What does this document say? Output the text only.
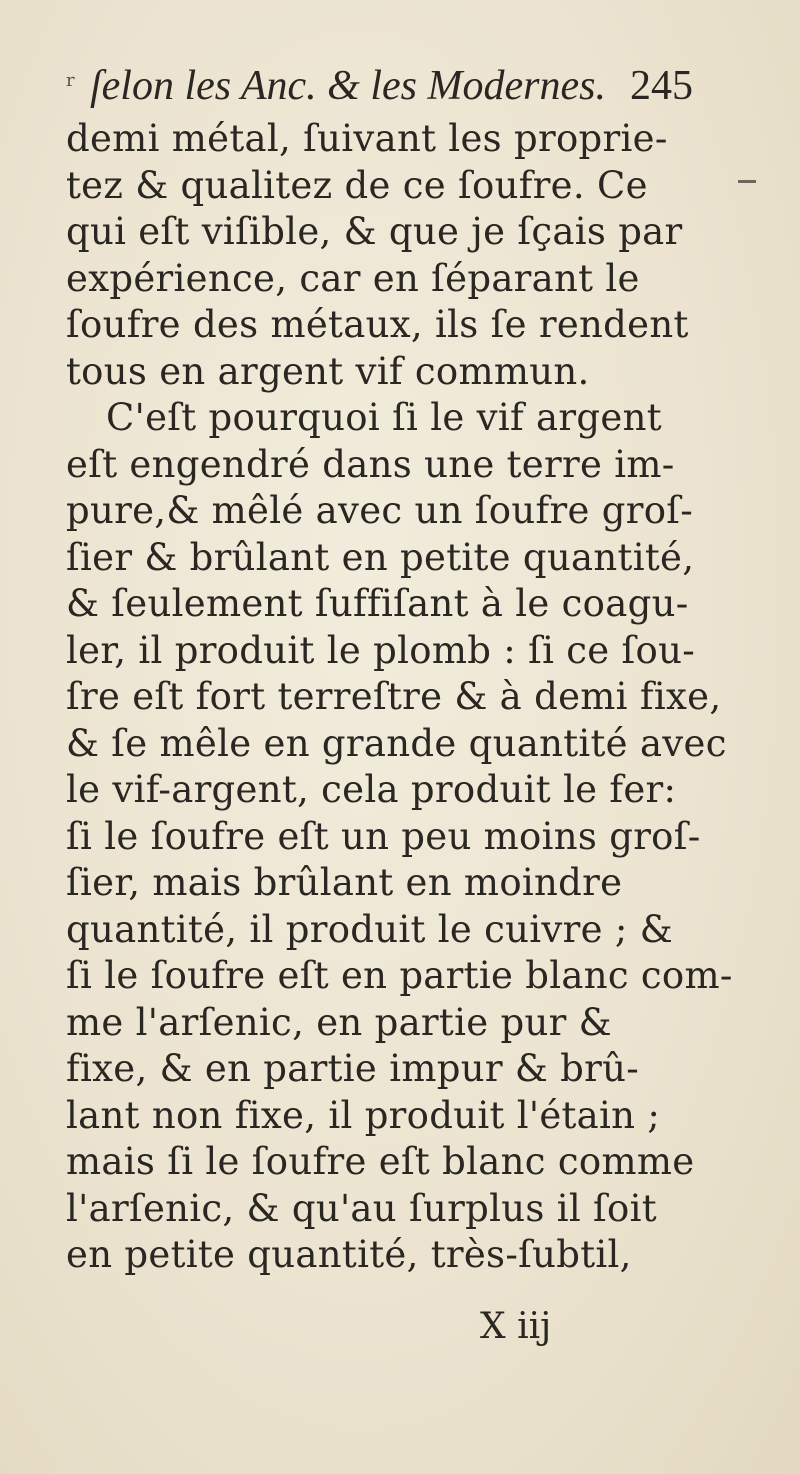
r ſelon les Anc. & les Modernes. 245
demi métal, ſuivant les proprie-
tez & qualitez de ce ſoufre. Ce
qui eſt viſible, & que je ſçais par
expérience, car en ſéparant le
ſoufre des métaux, ils ſe rendent
tous en argent vif commun.
C'eſt pourquoi ſi le vif argent
eſt engendré dans une terre im-
pure,& mêlé avec un ſoufre groſ-
ſier & brûlant en petite quantité,
& ſeulement ſuffiſant à le coagu-
ler, il produit le plomb : ſi ce ſou-
ſre eſt fort terreſtre & à demi fixe,
& ſe mêle en grande quantité avec
le vif-argent, cela produit le fer:
ſi le ſoufre eſt un peu moins groſ-
ſier, mais brûlant en moindre
quantité, il produit le cuivre ; &
ſi le ſoufre eſt en partie blanc com-
me l'arſenic, en partie pur &
fixe, & en partie impur & brû-
lant non fixe, il produit l'étain ;
mais ſi le ſoufre eſt blanc comme
l'arſenic, & qu'au ſurplus il ſoit
en petite quantité, très-ſubtil,
X iij
